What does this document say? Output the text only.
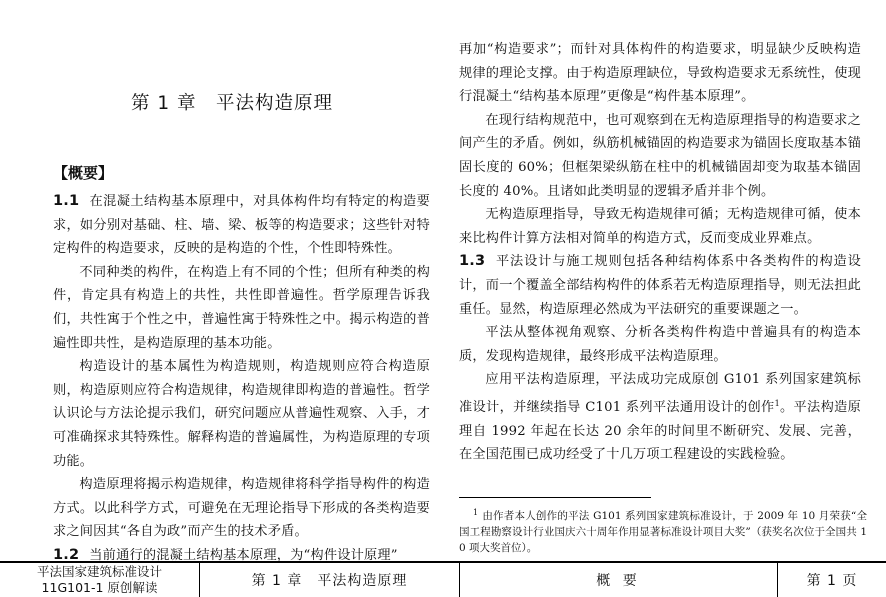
第 1 章　平法构造原理
【概要】

1.1 在混凝土结构基本原理中，对具体构件均有特定的构造要求，如分别对基础、柱、墙、梁、板等的构造要求；这些针对特定构件的构造要求，反映的是构造的个性，个性即特殊性。

不同种类的构件，在构造上有不同的个性；但所有种类的构件，肯定具有构造上的共性，共性即普遍性。哲学原理告诉我们，共性寓于个性之中，普遍性寓于特殊性之中。揭示构造的普遍性即共性，是构造原理的基本功能。

构造设计的基本属性为构造规则，构造规则应符合构造原则，构造原则应符合构造规律，构造规律即构造的普遍性。哲学认识论与方法论提示我们，研究问题应从普遍性观察、入手，才可准确探求其特殊性。解释构造的普遍属性，为构造原理的专项功能。

构造原理将揭示构造规律，构造规律将科学指导构件的构造方式。以此科学方式，可避免在无理论指导下形成的各类构造要求之间因其“各自为政”而产生的技术矛盾。

1.2 当前通行的混凝土结构基本原理，为“构件设计原理”

再加“构造要求”；而针对具体构件的构造要求，明显缺少反映构造规律的理论支撑。由于构造原理缺位，导致构造要求无系统性，使现行混凝土“结构基本原理”更像是“构件基本原理”。

在现行结构规范中，也可观察到在无构造原理指导的构造要求之间产生的矛盾。例如，纵筋机械锚固的构造要求为锚固长度取基本锚固长度的 60%；但框架梁纵筋在柱中的机械锚固却变为取基本锚固长度的 40%。且诸如此类明显的逻辑矛盾并非个例。

无构造原理指导，导致无构造规律可循；无构造规律可循，使本来比构件计算方法相对简单的构造方式，反而变成业界难点。

1.3 平法设计与施工规则包括各种结构体系中各类构件的构造设计，而一个覆盖全部结构构件的体系若无构造原理指导，则无法担此重任。显然，构造原理必然成为平法研究的重要课题之一。

平法从整体视角观察、分析各类构件构造中普遍具有的构造本质，发现构造规律，最终形成平法构造原理。

应用平法构造原理，平法成功完成原创 G101 系列国家建筑标准设计，并继续指导 C101 系列平法通用设计的创作$^1$。平法构造原理自 1992 年起在长达 20 余年的时间里不断研究、发展、完善，在全国范围已成功经受了十几万项工程建设的实践检验。

$^1$ 由作者本人创作的平法 G101 系列国家建筑标准设计，于 2009 年 10 月荣获“全国工程勘察设计行业国庆六十周年作用显著标准设计项目大奖”（获奖名次位于全国共 10 项大奖首位）。

平法国家建筑标准设计
11G101-1 原创解读	第 1 章　平法构造原理	概 要	第 1 页
